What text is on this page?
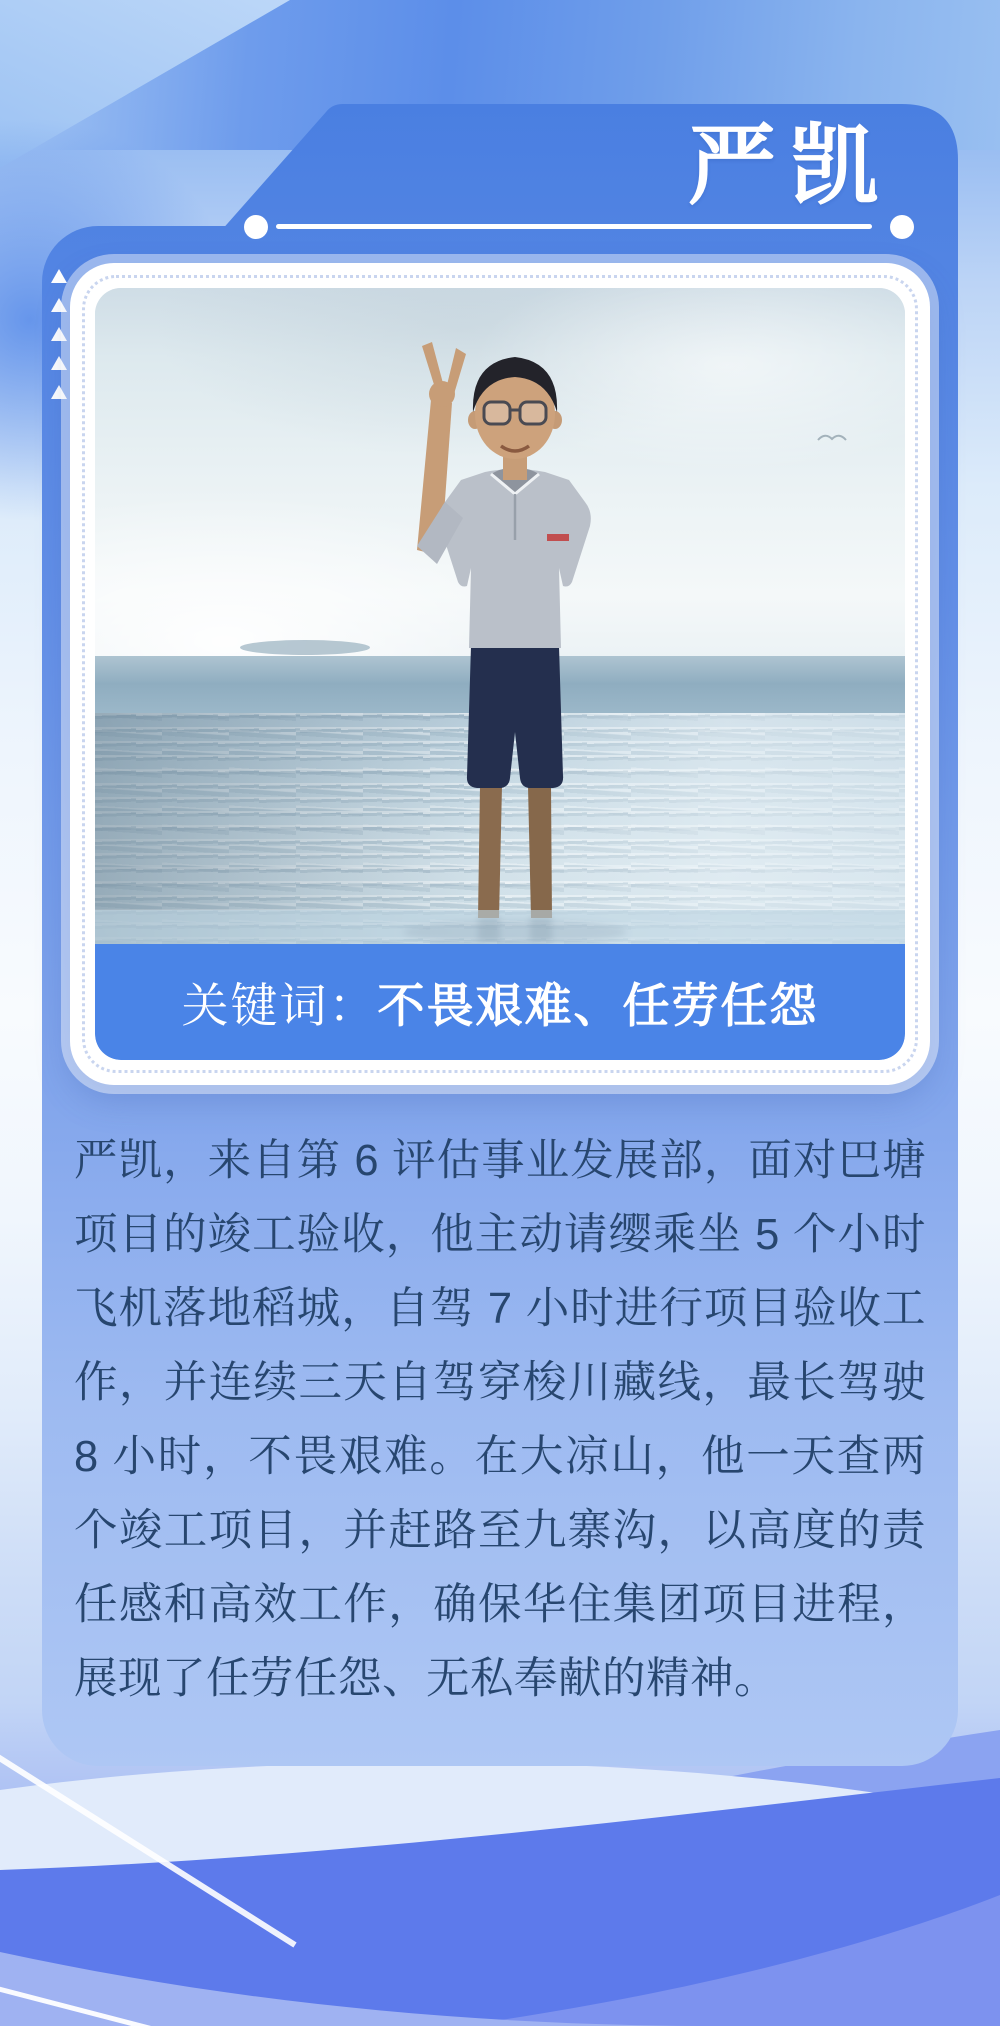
严凯
关键词： 不畏艰难、任劳任怨
严凯，来自第 6 评估事业发展部，面对巴塘项目的竣工验收，他主动请缨乘坐 5 个小时飞机落地稻城，自驾 7 小时进行项目验收工作，并连续三天自驾穿梭川藏线，最长驾驶 8 小时，不畏艰难。在大凉山，他一天查两个竣工项目，并赶路至九寨沟，以高度的责任感和高效工作，确保华住集团项目进程，展现了任劳任怨、无私奉献的精神。
